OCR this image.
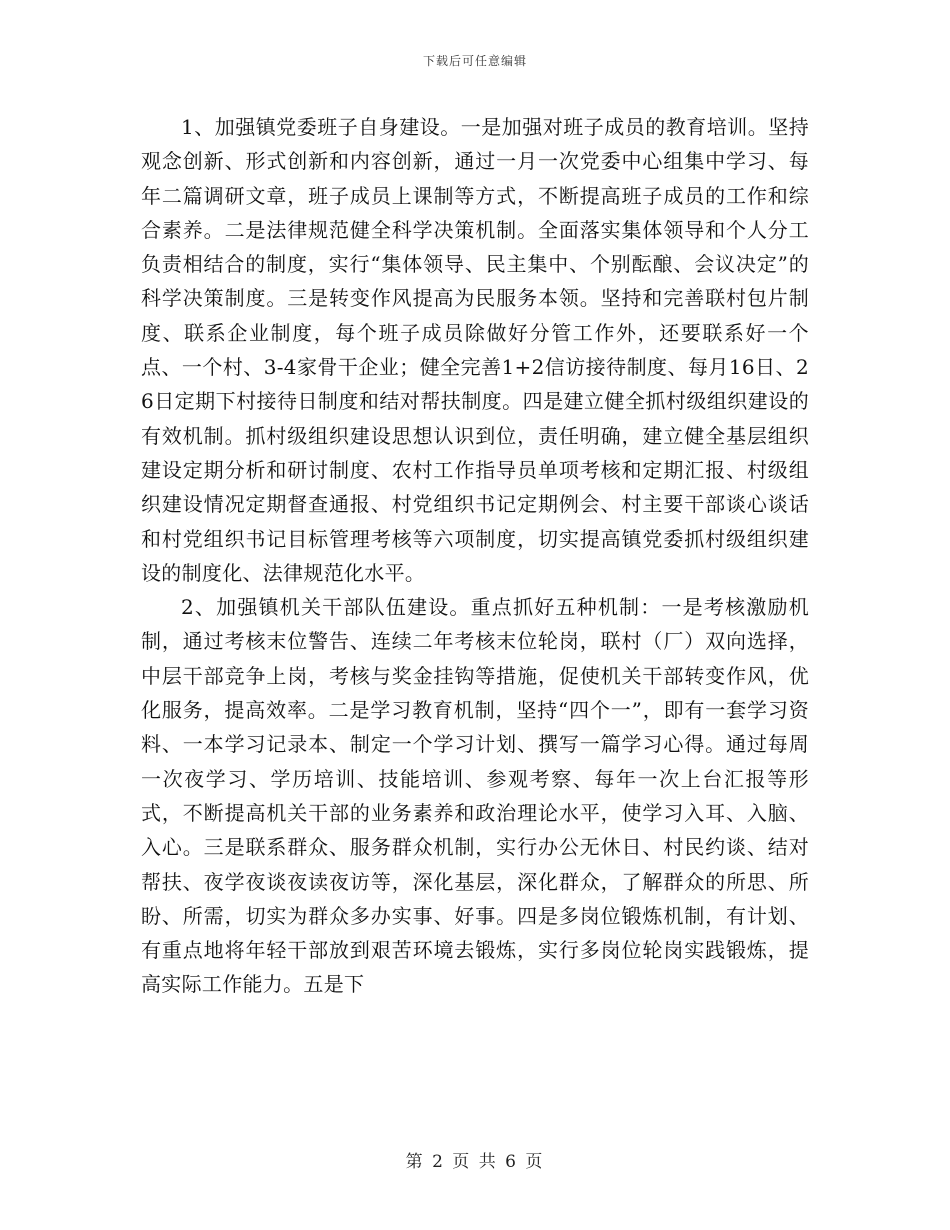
下载后可任意编辑

1、加强镇党委班子自身建设。一是加强对班子成员的教育培训。坚持观念创新、形式创新和内容创新，通过一月一次党委中心组集中学习、每年二篇调研文章，班子成员上课制等方式，不断提高班子成员的工作和综合素养。二是法律规范健全科学决策机制。全面落实集体领导和个人分工负责相结合的制度，实行“集体领导、民主集中、个别酝酿、会议决定”的科学决策制度。三是转变作风提高为民服务本领。坚持和完善联村包片制度、联系企业制度，每个班子成员除做好分管工作外，还要联系好一个点、一个村、3-4家骨干企业；健全完善1+2信访接待制度、每月16日、26日定期下村接待日制度和结对帮扶制度。四是建立健全抓村级组织建设的有效机制。抓村级组织建设思想认识到位，责任明确，建立健全基层组织建设定期分析和研讨制度、农村工作指导员单项考核和定期汇报、村级组织建设情况定期督查通报、村党组织书记定期例会、村主要干部谈心谈话和村党组织书记目标管理考核等六项制度，切实提高镇党委抓村级组织建设的制度化、法律规范化水平。

2、加强镇机关干部队伍建设。重点抓好五种机制：一是考核激励机制，通过考核末位警告、连续二年考核末位轮岗，联村（厂）双向选择，中层干部竞争上岗，考核与奖金挂钩等措施，促使机关干部转变作风，优化服务，提高效率。二是学习教育机制，坚持“四个一”，即有一套学习资料、一本学习记录本、制定一个学习计划、撰写一篇学习心得。通过每周一次夜学习、学历培训、技能培训、参观考察、每年一次上台汇报等形式，不断提高机关干部的业务素养和政治理论水平，使学习入耳、入脑、入心。三是联系群众、服务群众机制，实行办公无休日、村民约谈、结对帮扶、夜学夜谈夜读夜访等，深化基层，深化群众，了解群众的所思、所盼、所需，切实为群众多办实事、好事。四是多岗位锻炼机制，有计划、有重点地将年轻干部放到艰苦环境去锻炼，实行多岗位轮岗实践锻炼，提高实际工作能力。五是下

第 2 页 共 6 页
